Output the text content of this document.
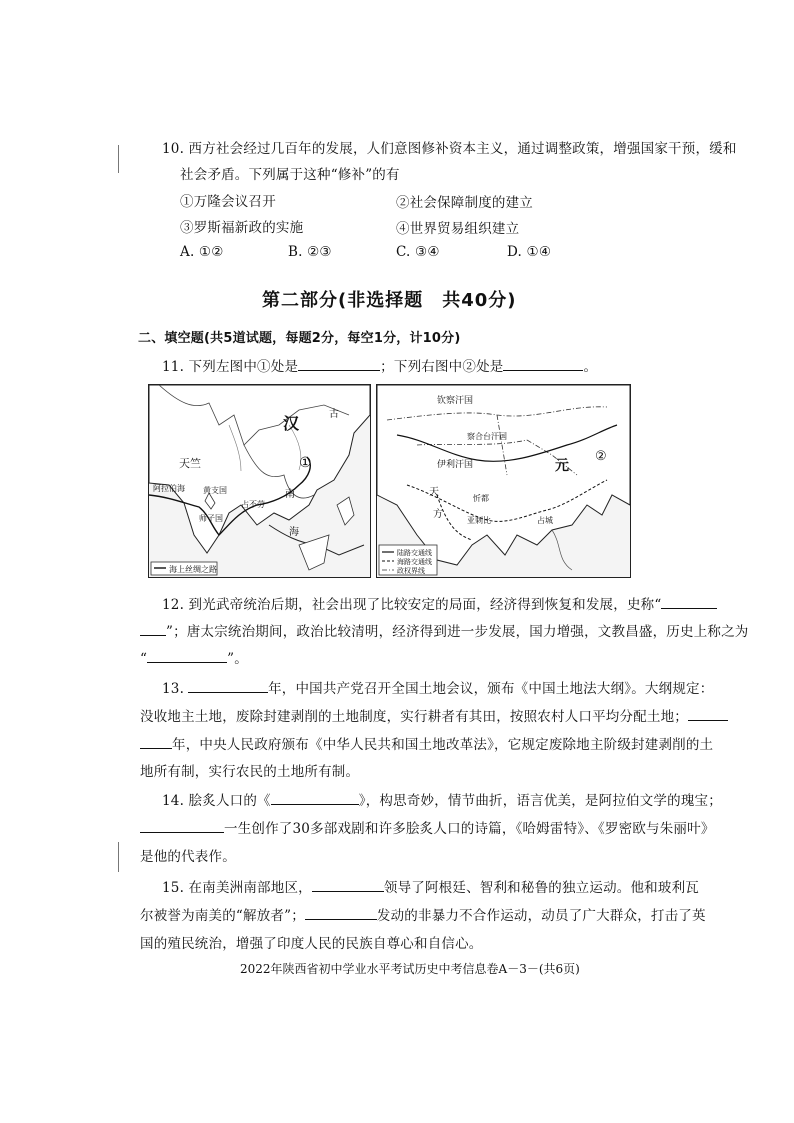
10. 西方社会经过几百年的发展，人们意图修补资本主义，通过调整政策，增强国家干预，缓和
社会矛盾。下列属于这种“修补”的有
①万隆会议召开	②社会保障制度的建立
③罗斯福新政的实施	④世界贸易组织建立
A. ①②	B. ②③	C. ③④	D. ①④
第二部分(非选择题　共40分)
二、填空题(共5道试题，每题2分，每空1分，计10分)
11. 下列左图中①处是	；下列右图中②处是	。
汉
天竺	①
阿拉伯海 黄支国
占不劳
师子国
南
海
古
海上丝绸之路
钦察汗国
察合台汗国
伊利汗国	元
②
天
方
忻都
亚刺比	占城
陆路交通线
海路交通线
政权界线
12. 到光武帝统治后期，社会出现了比较安定的局面，经济得到恢复和发展，史称“
”；唐太宗统治期间，政治比较清明，经济得到进一步发展，国力增强，文教昌盛，历史上称之为
“	”。
13.	年，中国共产党召开全国土地会议，颁布《中国土地法大纲》。大纲规定：
没收地主土地，废除封建剥削的土地制度，实行耕者有其田，按照农村人口平均分配土地；
年，中央人民政府颁布《中华人民共和国土地改革法》，它规定废除地主阶级封建剥削的土
地所有制，实行农民的土地所有制。
14. 脍炙人口的《	》，构思奇妙，情节曲折，语言优美，是阿拉伯文学的瑰宝；
一生创作了30多部戏剧和许多脍炙人口的诗篇，《哈姆雷特》、《罗密欧与朱丽叶》
是他的代表作。
15. 在南美洲南部地区，	领导了阿根廷、智利和秘鲁的独立运动。他和玻利瓦
尔被誉为南美的“解放者”；	发动的非暴力不合作运动，动员了广大群众，打击了英
国的殖民统治，增强了印度人民的民族自尊心和自信心。
2022年陕西省初中学业水平考试历史中考信息卷A－3－(共6页)
